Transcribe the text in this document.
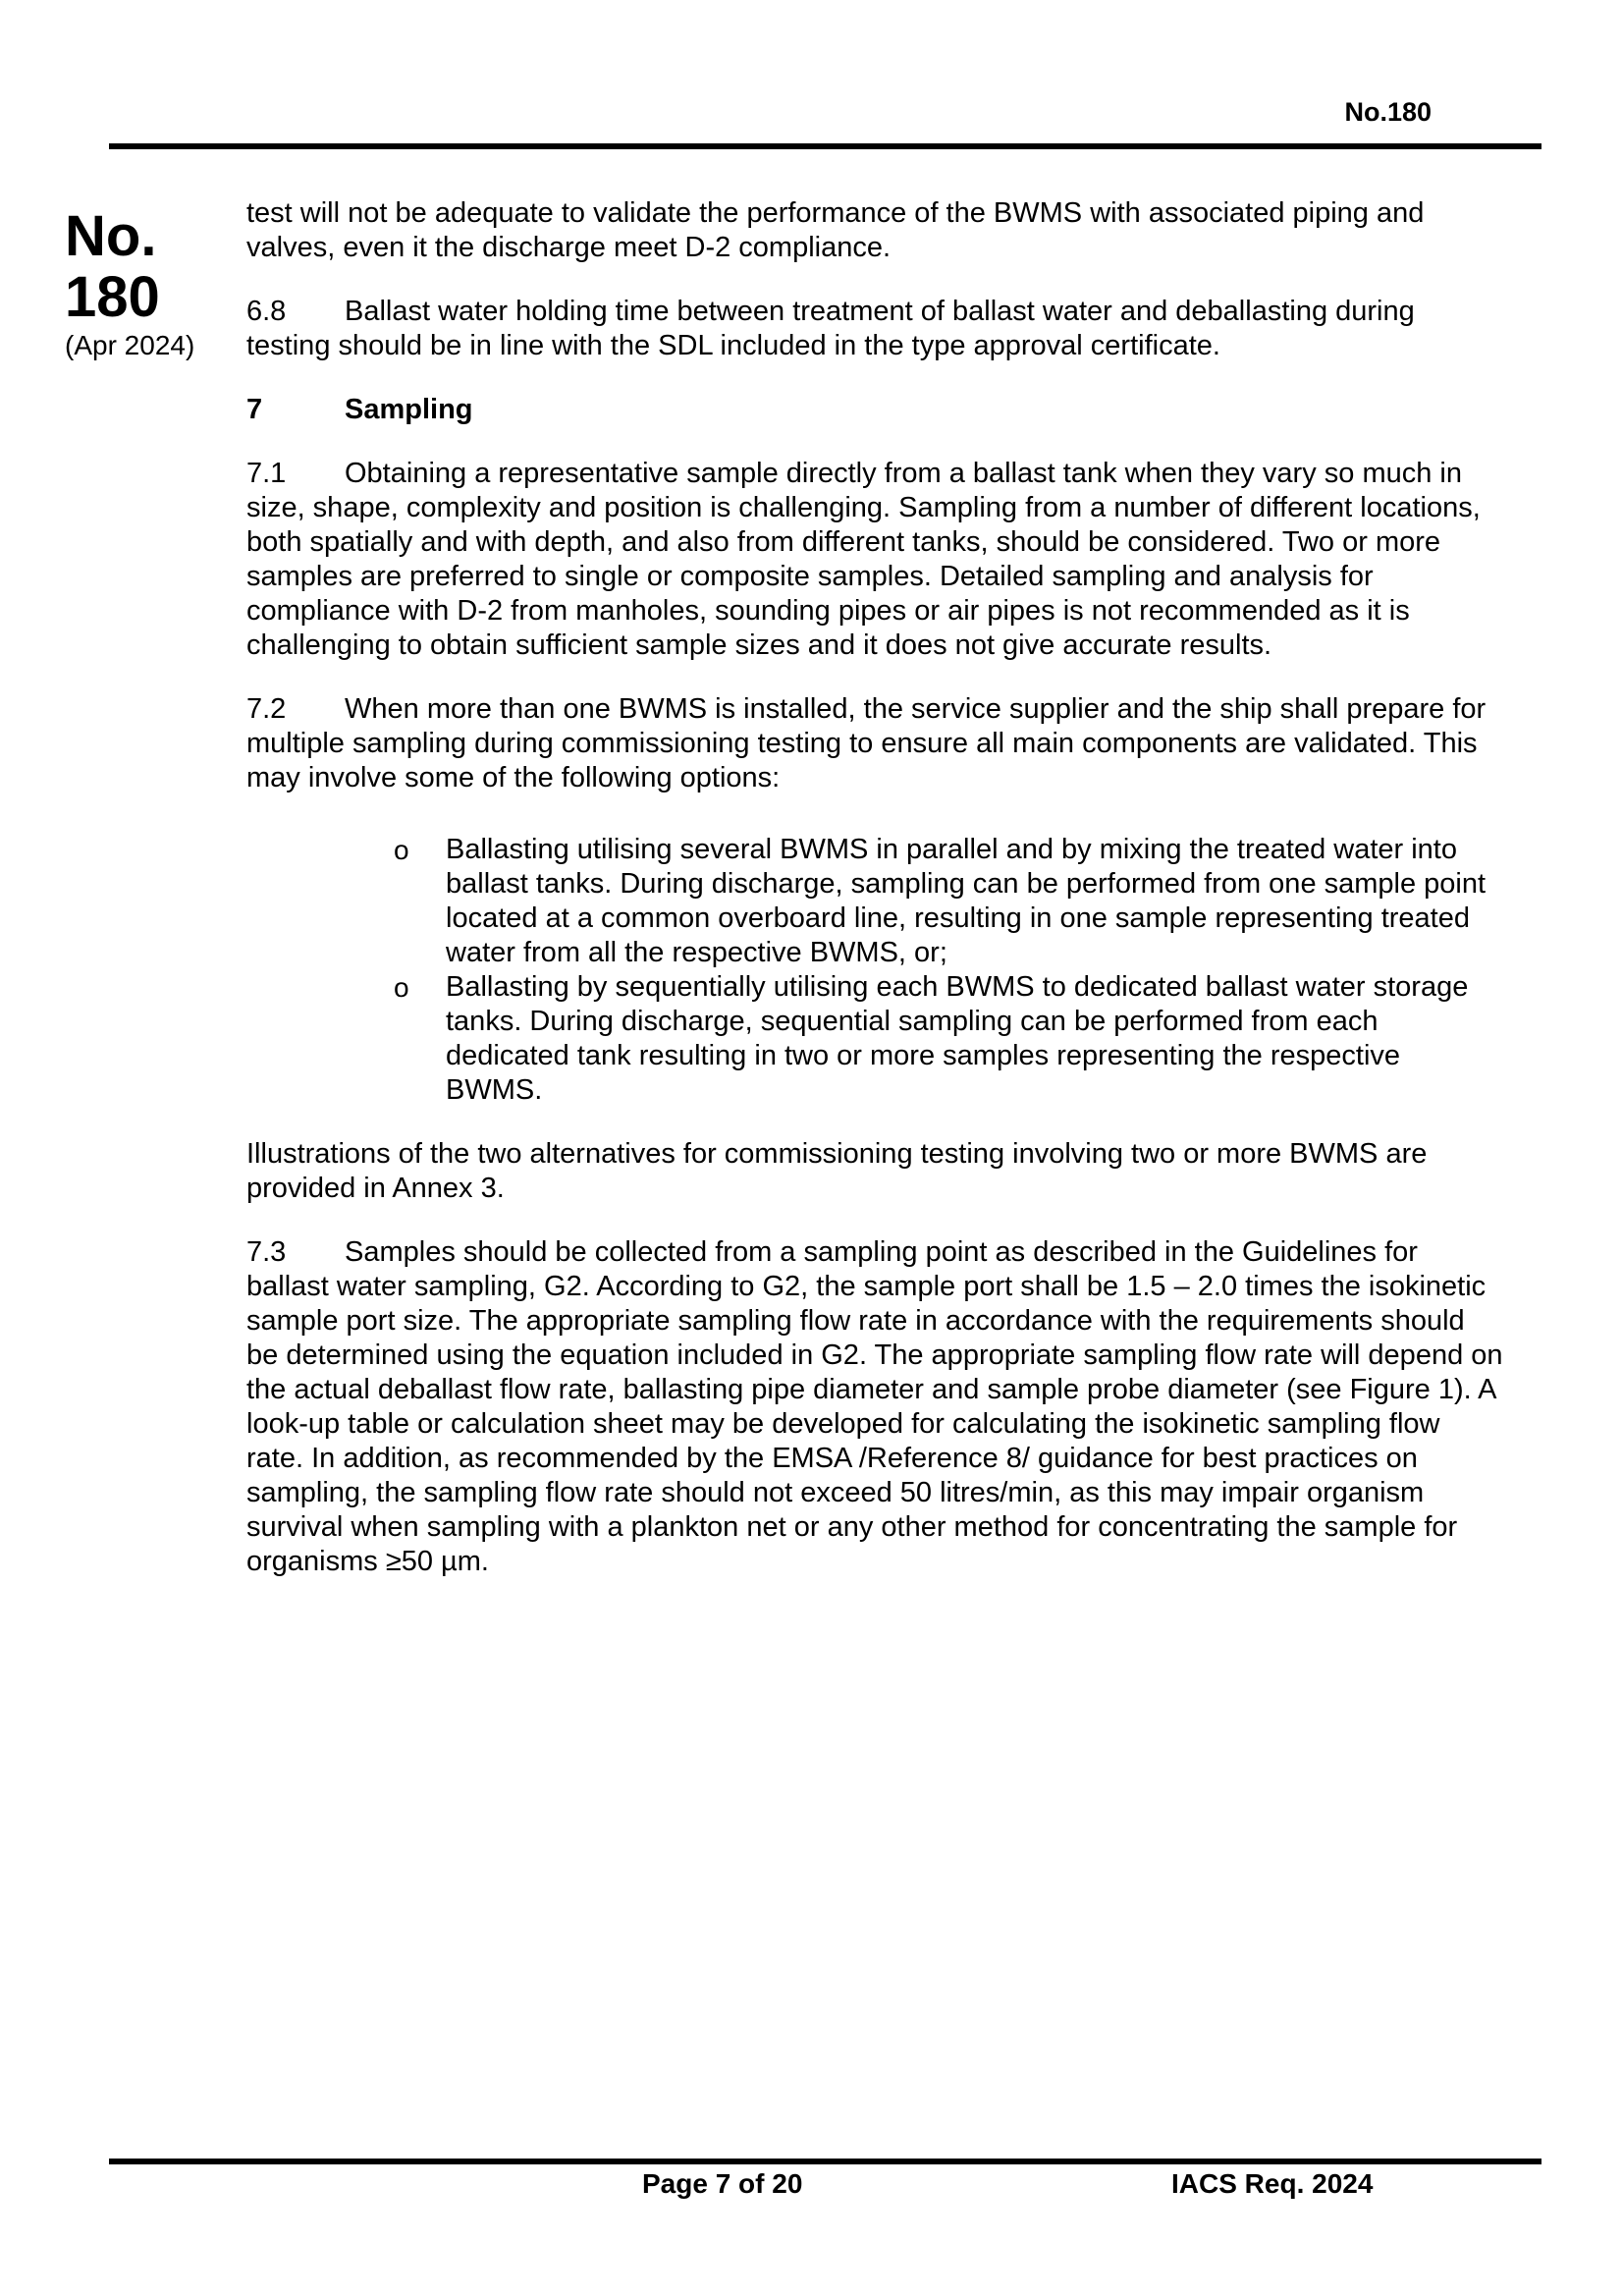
No.180
No.
180
(Apr 2024)

test will not be adequate to validate the performance of the BWMS with associated piping and valves, even it the discharge meet D-2 compliance.

6.8 Ballast water holding time between treatment of ballast water and deballasting during testing should be in line with the SDL included in the type approval certificate.

7	Sampling

7.1 Obtaining a representative sample directly from a ballast tank when they vary so much in size, shape, complexity and position is challenging. Sampling from a number of different locations, both spatially and with depth, and also from different tanks, should be considered. Two or more samples are preferred to single or composite samples. Detailed sampling and analysis for compliance with D-2 from manholes, sounding pipes or air pipes is not recommended as it is challenging to obtain sufficient sample sizes and it does not give accurate results.

7.2 When more than one BWMS is installed, the service supplier and the ship shall prepare for multiple sampling during commissioning testing to ensure all main components are validated. This may involve some of the following options:

o Ballasting utilising several BWMS in parallel and by mixing the treated water into ballast tanks. During discharge, sampling can be performed from one sample point located at a common overboard line, resulting in one sample representing treated water from all the respective BWMS, or;
o Ballasting by sequentially utilising each BWMS to dedicated ballast water storage tanks. During discharge, sequential sampling can be performed from each dedicated tank resulting in two or more samples representing the respective BWMS.

Illustrations of the two alternatives for commissioning testing involving two or more BWMS are provided in Annex 3.

7.3 Samples should be collected from a sampling point as described in the Guidelines for ballast water sampling, G2. According to G2, the sample port shall be 1.5 – 2.0 times the isokinetic sample port size. The appropriate sampling flow rate in accordance with the requirements should be determined using the equation included in G2. The appropriate sampling flow rate will depend on the actual deballast flow rate, ballasting pipe diameter and sample probe diameter (see Figure 1). A look-up table or calculation sheet may be developed for calculating the isokinetic sampling flow rate. In addition, as recommended by the EMSA /Reference 8/ guidance for best practices on sampling, the sampling flow rate should not exceed 50 litres/min, as this may impair organism survival when sampling with a plankton net or any other method for concentrating the sample for organisms ≥50 µm.

Page 7 of 20	IACS Req. 2024
